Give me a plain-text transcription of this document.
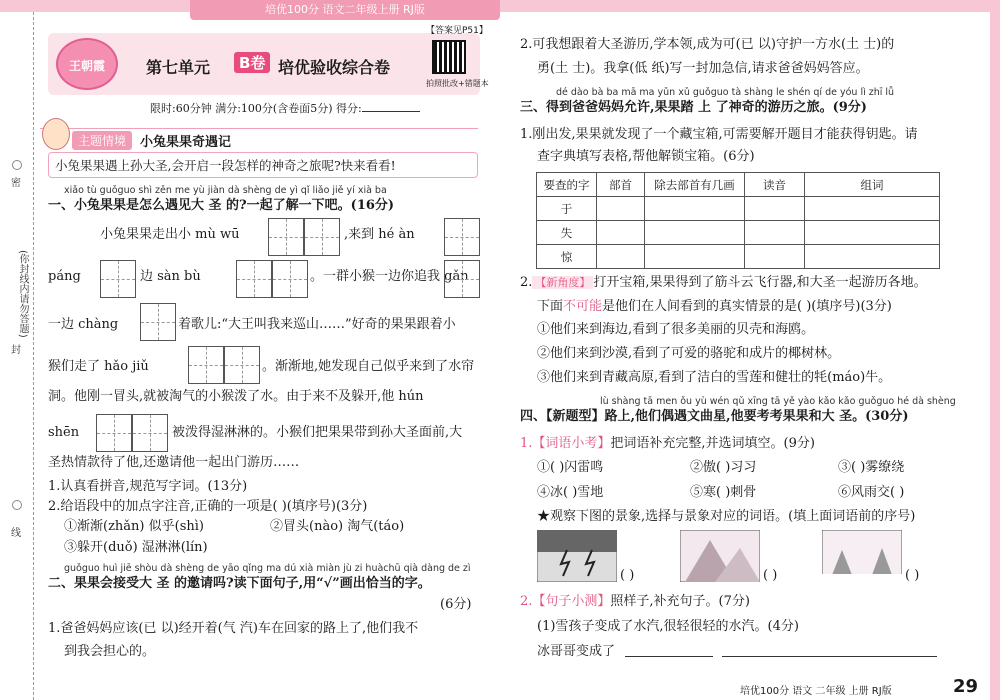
培优100分 语文二年级上册 RJ版
密
(你封线内请勿答题)
封
线
王朝霞	第七单元	B卷 培优验收综合卷
【答案见P51】
拍照批改+错题本
限时:60分钟 满分:100分(含卷面5分) 得分:
主题情境	小兔果果奇遇记
小兔果果遇上孙大圣,会开启一段怎样的神奇之旅呢?快来看看!
xiǎo tù guǒguo shì zěn me yù jiàn dà shèng de yì qǐ liǎo jiě yí xià ba
一、小兔果果是怎么遇见大 圣 的?一起了解一下吧。(16分)
小兔果果走出小 mù wū	,来到 hé àn
páng	边 sàn bù	。一群小猴一边你追我 gǎn
一边 chàng	着歌儿:“大王叫我来巡山……”好奇的果果跟着小
猴们走了 hǎo jiǔ	。渐渐地,她发现自己似乎来到了水帘
洞。他刚一冒头,就被淘气的小猴泼了水。由于来不及躲开,他 hún
shēn	被泼得湿淋淋的。小猴们把果果带到孙大圣面前,大
圣热情款待了他,还邀请他一起出门游历……
1.认真看拼音,规范写字词。(13分)
2.给语段中的加点字注音,正确的一项是( )(填序号)(3分)
①渐渐(zhǎn) 似乎(shì)	②冒头(nào) 淘气(táo)
③躲开(duǒ) 湿淋淋(lín)
guǒguo huì jiē shòu dà shèng de yāo qǐng ma dú xià miàn jù zi huàchū qià dàng de zì
二、果果会接受大 圣 的邀请吗?读下面句子,用“√”画出恰当的字。
(6分)
1.爸爸妈妈应该(已 以)经开着(气 汽)车在回家的路上了,他们我不
到我会担心的。
2.可我想跟着大圣游历,学本领,成为可(已 以)守护一方水(土 士)的
勇(土 士)。我拿(低 纸)写一封加急信,请求爸爸妈妈答应。
dé dào bà ba mā ma yǔn xǔ guǒguo tà shàng le shén qí de yóu lì zhī lǚ
三、得到爸爸妈妈允许,果果踏 上 了神奇的游历之旅。(9分)
1.刚出发,果果就发现了一个藏宝箱,可需要解开题目才能获得钥匙。请
查字典填写表格,帮他解锁宝箱。(6分)
要查的字	部首	除去部首有几画	读音	组词
于				
失				
惊				
2. 【新角度】 打开宝箱,果果得到了筋斗云飞行器,和大圣一起游历各地。
下面不可能是他们在人间看到的真实情景的是( )(填序号)(3分)
①他们来到海边,看到了很多美丽的贝壳和海鸥。
②他们来到沙漠,看到了可爱的骆驼和成片的椰树林。
③他们来到青藏高原,看到了洁白的雪莲和健壮的牦(máo)牛。
lù shàng tā men ǒu yù wén qǔ xīng tā yě yào kǎo kǎo guǒguo hé dà shèng
四、【新题型】路上,他们偶遇文曲星,他要考考果果和大 圣。(30分)
1.【词语小考】把词语补充完整,并选词填空。(9分)
①( )闪雷鸣	②傲( )习习	③( )雾缭绕
④冰( )雪地	⑤寒( )刺骨	⑥风雨交( )
★观察下图的景象,选择与景象对应的词语。(填上面词语前的序号)
( )	( )	( )
2.【句子小测】照样子,补充句子。(7分)
(1)雪孩子变成了水汽,很轻很轻的水汽。(4分)
冰哥哥变成了
培优100分 语文 二年级 上册 RJ版	29
